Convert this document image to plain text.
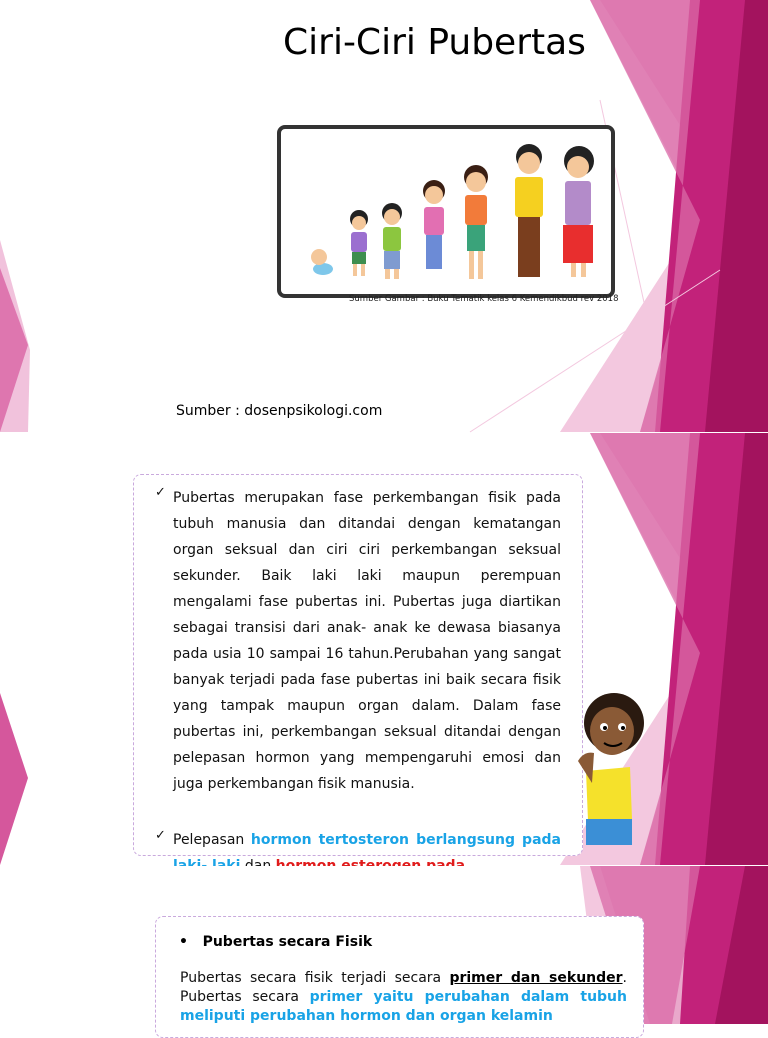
Ciri-Ciri Pubertas
Sumber Gambar : Buku Tematik kelas 6 Kemendikbud rev 2018
Sumber : dosenpsikologi.com
✓ Pubertas merupakan fase perkembangan fisik pada tubuh manusia dan ditandai dengan kematangan organ seksual dan ciri ciri perkembangan seksual sekunder. Baik laki laki maupun perempuan mengalami fase pubertas ini. Pubertas juga diartikan sebagai transisi dari anak- anak ke dewasa biasanya pada usia 10 sampai 16 tahun.Perubahan yang sangat banyak terjadi pada fase pubertas ini baik secara fisik yang tampak maupun organ dalam. Dalam fase pubertas ini, perkembangan seksual ditandai dengan pelepasan hormon yang mempengaruhi emosi dan juga perkembangan fisik manusia.
✓ Pelepasan hormon tertosteron berlangsung pada
• Pubertas secara Fisik
Pubertas secara fisik terjadi secara primer dan sekunder. Pubertas secara primer yaitu perubahan dalam tubuh meliputi perubahan hormon dan organ kelamin
